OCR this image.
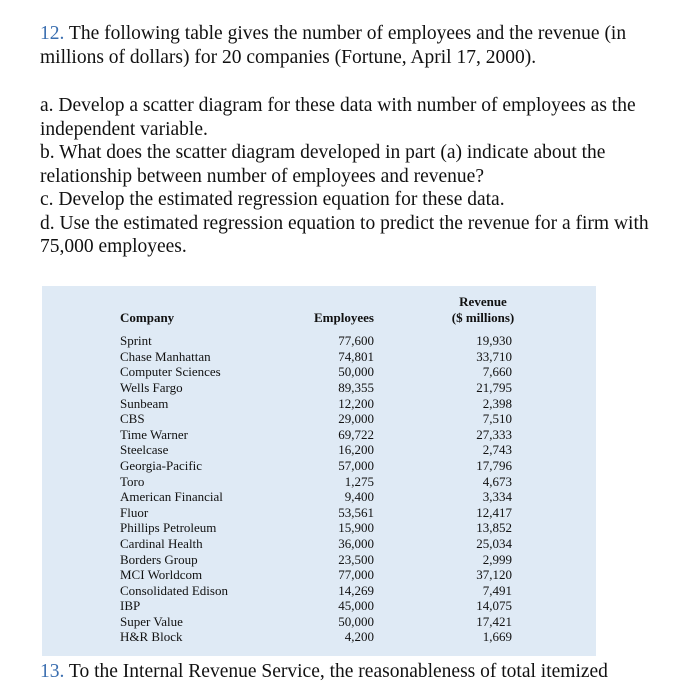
12. The following table gives the number of employees and the revenue (in millions of dollars) for 20 companies (Fortune, April 17, 2000).

a. Develop a scatter diagram for these data with number of employees as the independent variable.

b. What does the scatter diagram developed in part (a) indicate about the relationship between number of employees and revenue?

c. Develop the estimated regression equation for these data.

d. Use the estimated regression equation to predict the revenue for a firm with

75,000 employees.

Company	Employees		Revenue
($ millions)

Sprint	77,600		19,930
Chase Manhattan	74,801		33,710
Computer Sciences	50,000		7,660
Wells Fargo	89,355		21,795
Sunbeam	12,200		2,398
CBS	29,000		7,510
Time Warner	69,722		27,333
Steelcase	16,200		2,743
Georgia-Pacific	57,000		17,796
Toro	1,275		4,673
American Financial	9,400		3,334
Fluor	53,561		12,417
Phillips Petroleum	15,900		13,852
Cardinal Health	36,000		25,034
Borders Group	23,500		2,999
MCI Worldcom	77,000		37,120
Consolidated Edison	14,269		7,491
IBP	45,000		14,075
Super Value	50,000		17,421
H&R Block	4,200		1,669
13. To the Internal Revenue Service, the reasonableness of total itemized
